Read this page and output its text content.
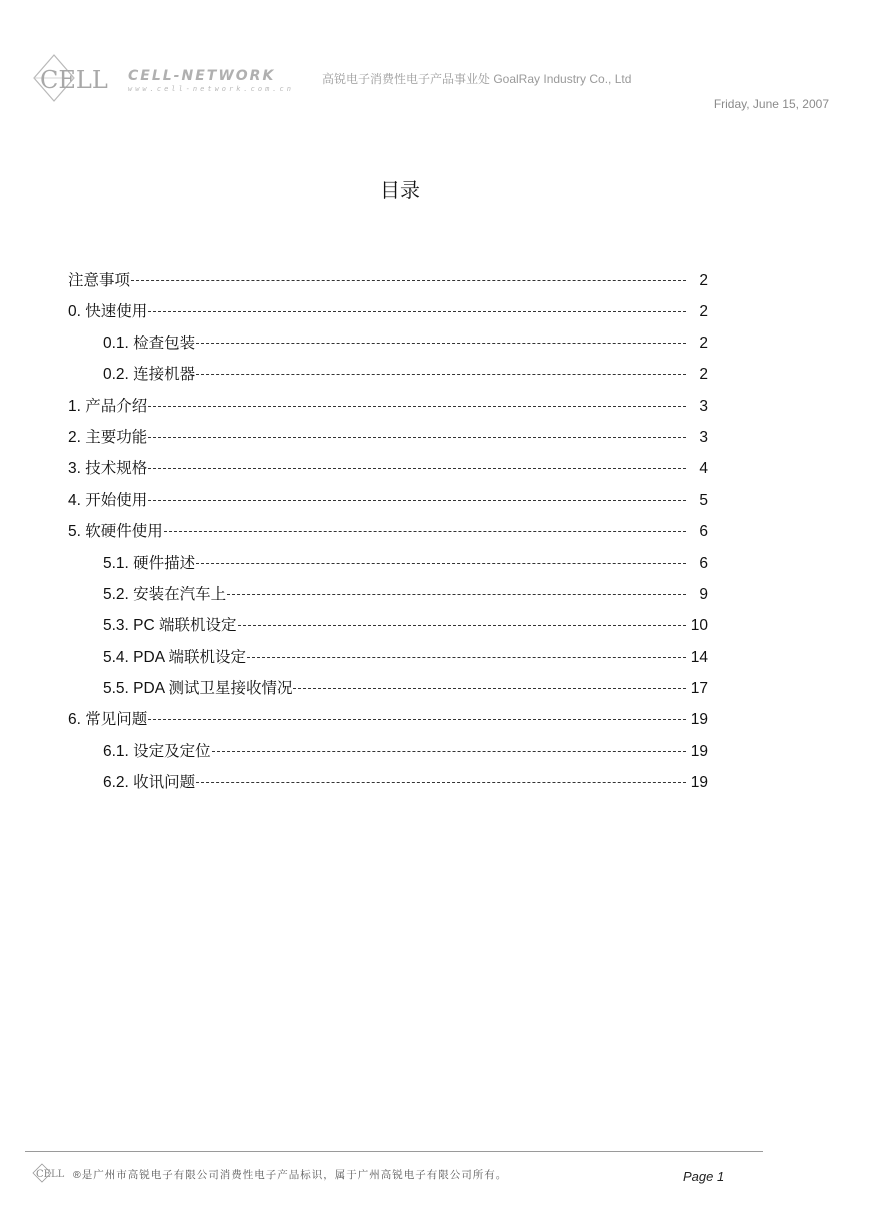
CELL CELL-NETWORK
www.cell-network.com.cn
高锐电子消费性电子产品事业处 GoalRay Industry Co., Ltd
Friday, June 15, 2007
目录
注意事项	2
0. 快速使用	2
0.1. 检查包装	2
0.2. 连接机器	2
1. 产品介绍	3
2. 主要功能	3
3. 技术规格	4
4. 开始使用	5
5. 软硬件使用	6
5.1. 硬件描述	6
5.2. 安装在汽车上	9
5.3. PC 端联机设定	10
5.4. PDA 端联机设定	14
5.5. PDA 测试卫星接收情况	17
6. 常见问题	19
6.1. 设定及定位	19
6.2. 收讯问题	19
CELL ®是广州市高锐电子有限公司消费性电子产品标识，属于广州高锐电子有限公司所有。	Page 1
